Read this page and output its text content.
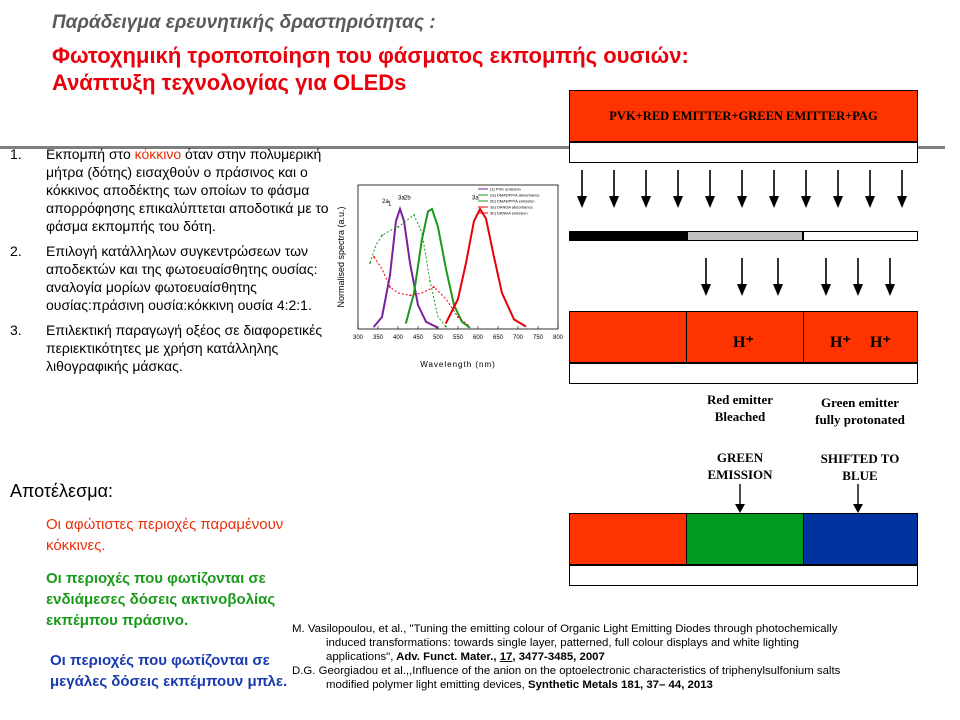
Παράδειγμα ερευνητικής δραστηριότητας :
Φωτοχημική τροποποίηση του φάσματος εκπομπής ουσιών:
Ανάπτυξη τεχνολογίας για OLEDs
1.	Εκπομπή στο κόκκινο όταν στην πολυμερική μήτρα (δότης) εισαχθούν ο πράσινος και ο κόκκινος αποδέκτης των οποίων το φάσμα απορρόφησης επικαλύπτεται αποδοτικά με το φάσμα εκπομπής του δότη.
2.	Επιλογή κατάλληλων συγκεντρώσεων των αποδεκτών και της φωτοευαίσθητης ουσίας: αναλογία μορίων φωτοευαίσθητης ουσίας:πράσινη ουσία:κόκκινη ουσία 4:2:1.
3.	Επιλεκτική παραγωγή οξέος σε διαφορετικές περιεκτικότητες με χρήση κατάλληλης λιθογραφικής μάσκας.
Αποτέλεσμα:
Οι αφώτιστες περιοχές παραμένουν κόκκινες.
Οι περιοχές που φωτίζονται σε ενδιάμεσες δόσεις ακτινοβολίας εκπέμπου πράσινο.
Οι περιοχές που φωτίζονται σε μεγάλες δόσεις εκπέμπουν μπλε.
M. Vasilopoulou, et al., "Tuning the emitting colour of Organic Light Emitting Diodes through photochemically
induced transformations: towards single layer, patterned, full colour displays and white lighting
applications", Adv. Funct. Mater., 17, 3477-3485, 2007
D.G. Georgiadou et al.,,Influence of the anion on the optoelectronic characteristics of triphenylsulfonium salts
modified polymer light emitting devices, Synthetic Metals 181, 37– 44, 2013
300 350 400 450 500 550 600 650 700 750 800
(1) PVK emission
2a) DMADPP/A absorbance
2b) DMADPP/A emission
3a) DANDA absorbance
3b) DANDA emission
Wavelength (nm)
Normalised spectra (a.u.)
2a 1
3a 2b	3a
PVK+RED EMITTER+GREEN EMITTER+PAG
H⁺	H⁺ H⁺
Red emitter
Bleached
Green emitter
fully protonated
GREEN
EMISSION
SHIFTED TO
BLUE
